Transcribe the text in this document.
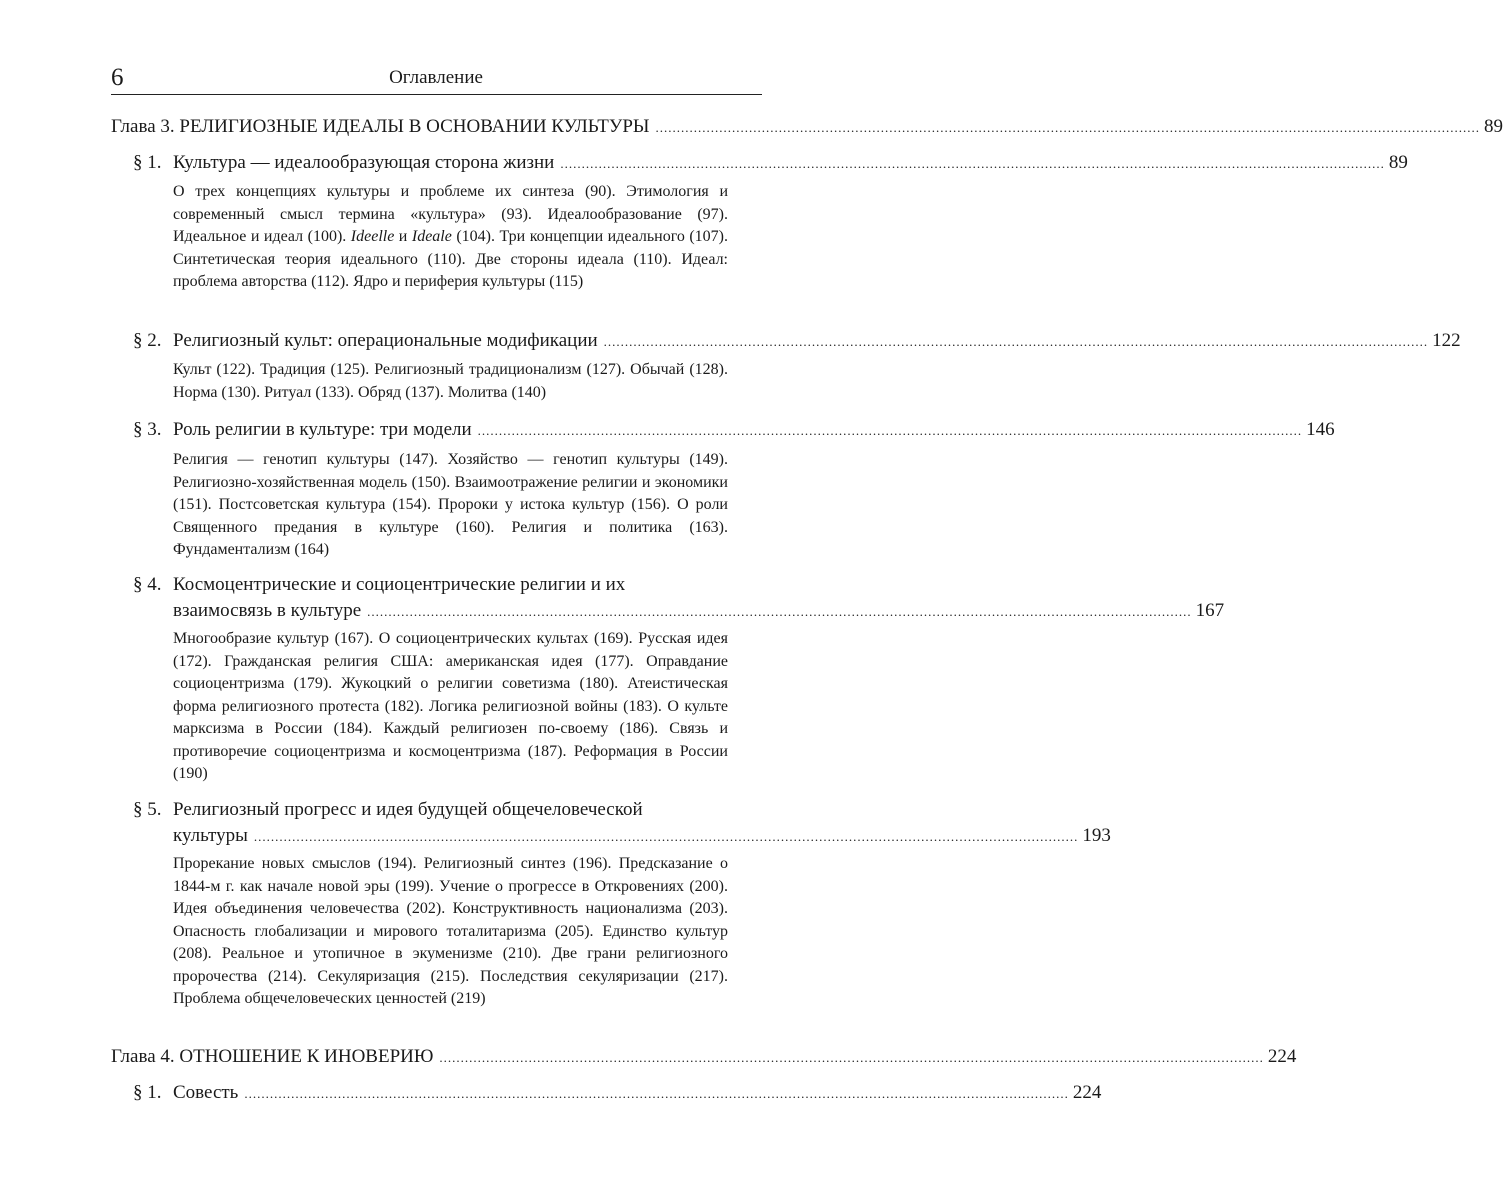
6	Оглавление
Глава 3. РЕЛИГИОЗНЫЕ ИДЕАЛЫ В ОСНОВАНИИ КУЛЬТУРЫ .................................................................................................................................................................................................. 89
§ 1. Культура — идеалообразующая сторона жизни .................................................................................................................................................................................................. 89
О трех концепциях культуры и проблеме их синтеза (90). Этимология и современный смысл термина «культура» (93). Идеалообразование (97). Идеальное и идеал (100). Ideelle и Ideale (104). Три концепции идеального (107). Синтетическая теория идеального (110). Две стороны идеала (110). Идеал: проблема авторства (112). Ядро и периферия культуры (115)
§ 2. Религиозный культ: операциональные модификации .................................................................................................................................................................................................. 122
Культ (122). Традиция (125). Религиозный традиционализм (127). Обычай (128). Норма (130). Ритуал (133). Обряд (137). Молитва (140)
§ 3. Роль религии в культуре: три модели .................................................................................................................................................................................................. 146
Религия — генотип культуры (147). Хозяйство — генотип культуры (149). Религиозно-хозяйственная модель (150). Взаимоотражение религии и экономики (151). Постсоветская культура (154). Пророки у истока культур (156). О роли Священного предания в культуре (160). Религия и политика (163). Фундаментализм (164)
§ 4. Космоцентрические и социоцентрические религии и их
взаимосвязь в культуре .................................................................................................................................................................................................. 167
Многообразие культур (167). О социоцентрических культах (169). Русская идея (172). Гражданская религия США: американская идея (177). Оправдание социоцентризма (179). Жукоцкий о религии советизма (180). Атеистическая форма религиозного протеста (182). Логика религиозной войны (183). О культе марксизма в России (184). Каждый религиозен по-своему (186). Связь и противоречие социоцентризма и космоцентризма (187). Реформация в России (190)
§ 5. Религиозный прогресс и идея будущей общечеловеческой
культуры .................................................................................................................................................................................................. 193
Прорекание новых смыслов (194). Религиозный синтез (196). Предсказание о 1844-м г. как начале новой эры (199). Учение о прогрессе в Откровениях (200). Идея объединения человечества (202). Конструктивность национализма (203). Опасность глобализации и мирового тоталитаризма (205). Единство культур (208). Реальное и утопичное в экуменизме (210). Две грани религиозного пророчества (214). Секуляризация (215). Последствия секуляризации (217). Проблема общечеловеческих ценностей (219)
Глава 4. ОТНОШЕНИЕ К ИНОВЕРИЮ .................................................................................................................................................................................................. 224
§ 1. Совесть .................................................................................................................................................................................................. 224
